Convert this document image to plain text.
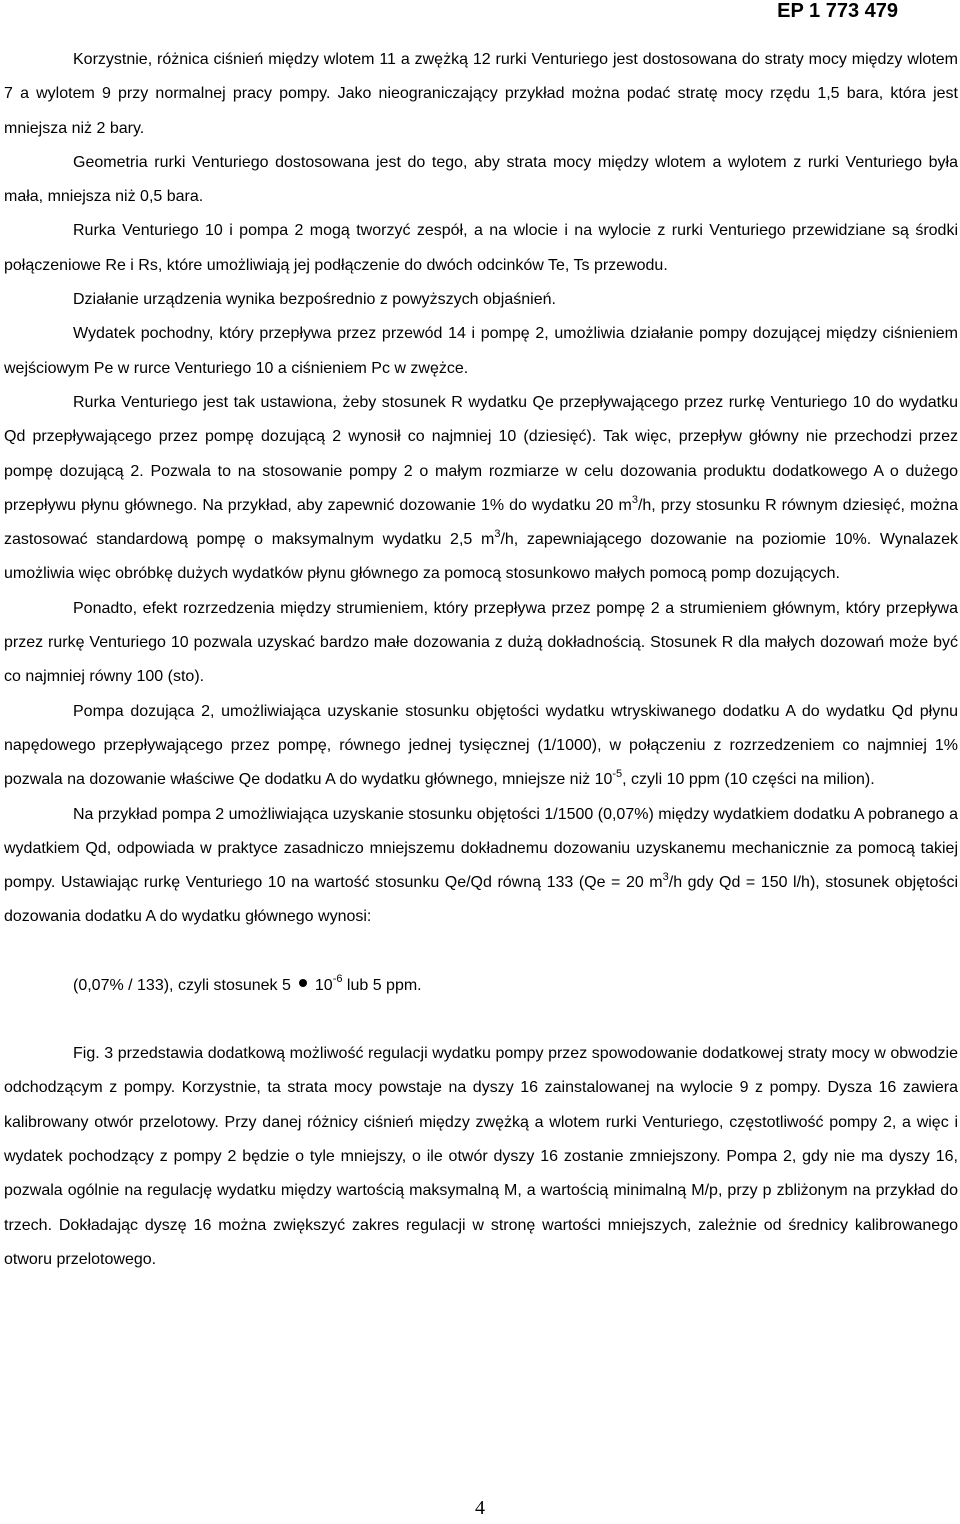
EP 1 773 479

Korzystnie, różnica ciśnień między wlotem 11 a zwężką 12 rurki Venturiego jest dostosowana do straty mocy między wlotem 7 a wylotem 9 przy normalnej pracy pompy. Jako nieograniczający przykład można podać stratę mocy rzędu 1,5 bara, która jest mniejsza niż 2 bary.

Geometria rurki Venturiego dostosowana jest do tego, aby strata mocy między wlotem a wylotem z rurki Venturiego była mała, mniejsza niż 0,5 bara.

Rurka Venturiego 10 i pompa 2 mogą tworzyć zespół, a na wlocie i na wylocie z rurki Venturiego przewidziane są środki połączeniowe Re i Rs, które umożliwiają jej podłączenie do dwóch odcinków Te, Ts przewodu.

Działanie urządzenia wynika bezpośrednio z powyższych objaśnień.

Wydatek pochodny, który przepływa przez przewód 14 i pompę 2, umożliwia działanie pompy dozującej między ciśnieniem wejściowym Pe w rurce Venturiego 10 a ciśnieniem Pc w zwężce.

Rurka Venturiego jest tak ustawiona, żeby stosunek R wydatku Qe przepływającego przez rurkę Venturiego 10 do wydatku Qd przepływającego przez pompę dozującą 2 wynosił co najmniej 10 (dziesięć). Tak więc, przepływ główny nie przechodzi przez pompę dozującą 2. Pozwala to na stosowanie pompy 2 o małym rozmiarze w celu dozowania produktu dodatkowego A o dużego przepływu płynu głównego. Na przykład, aby zapewnić dozowanie 1% do wydatku 20 $m^3/h$, przy stosunku R równym dziesięć, można zastosować standardową pompę o maksymalnym wydatku 2,5 $m^3/h$, zapewniającego dozowanie na poziomie 10%. Wynalazek umożliwia więc obróbkę dużych wydatków płynu głównego za pomocą stosunkowo małych pomocą pomp dozujących.

Ponadto, efekt rozrzedzenia między strumieniem, który przepływa przez pompę 2 a strumieniem głównym, który przepływa przez rurkę Venturiego 10 pozwala uzyskać bardzo małe dozowania z dużą dokładnością. Stosunek R dla małych dozowań może być co najmniej równy 100 (sto).

Pompa dozująca 2, umożliwiająca uzyskanie stosunku objętości wydatku wtryskiwanego dodatku A do wydatku Qd płynu napędowego przepływającego przez pompę, równego jednej tysięcznej (1/1000), w połączeniu z rozrzedzeniem co najmniej 1% pozwala na dozowanie właściwe Qe dodatku A do wydatku głównego, mniejsze niż $10^{-5}$, czyli 10 ppm (10 części na milion).

Na przykład pompa 2 umożliwiająca uzyskanie stosunku objętości 1/1500 (0,07%) między wydatkiem dodatku A pobranego a wydatkiem Qd, odpowiada w praktyce zasadniczo mniejszemu dokładnemu dozowaniu uzyskanemu mechanicznie za pomocą takiej pompy. Ustawiając rurkę Venturiego 10 na wartość stosunku Qe/Qd równą 133 (Qe = 20 $m^3/h$ gdy Qd = 150 l/h), stosunek objętości dozowania dodatku A do wydatku głównego wynosi:

(0,07% / 133), czyli stosunek 5 $10^{-6}$ lub 5 ppm.

Fig. 3 przedstawia dodatkową możliwość regulacji wydatku pompy przez spowodowanie dodatkowej straty mocy w obwodzie odchodzącym z pompy. Korzystnie, ta strata mocy powstaje na dyszy 16 zainstalowanej na wylocie 9 z pompy. Dysza 16 zawiera kalibrowany otwór przelotowy. Przy danej różnicy ciśnień między zwężką a wlotem rurki Venturiego, częstotliwość pompy 2, a więc i wydatek pochodzący z pompy 2 będzie o tyle mniejszy, o ile otwór dyszy 16 zostanie zmniejszony. Pompa 2, gdy nie ma dyszy 16, pozwala ogólnie na regulację wydatku między wartością maksymalną M, a wartością minimalną M/p, przy p zbliżonym na przykład do trzech. Dokładając dyszę 16 można zwiększyć zakres regulacji w stronę wartości mniejszych, zależnie od średnicy kalibrowanego otworu przelotowego.

4
